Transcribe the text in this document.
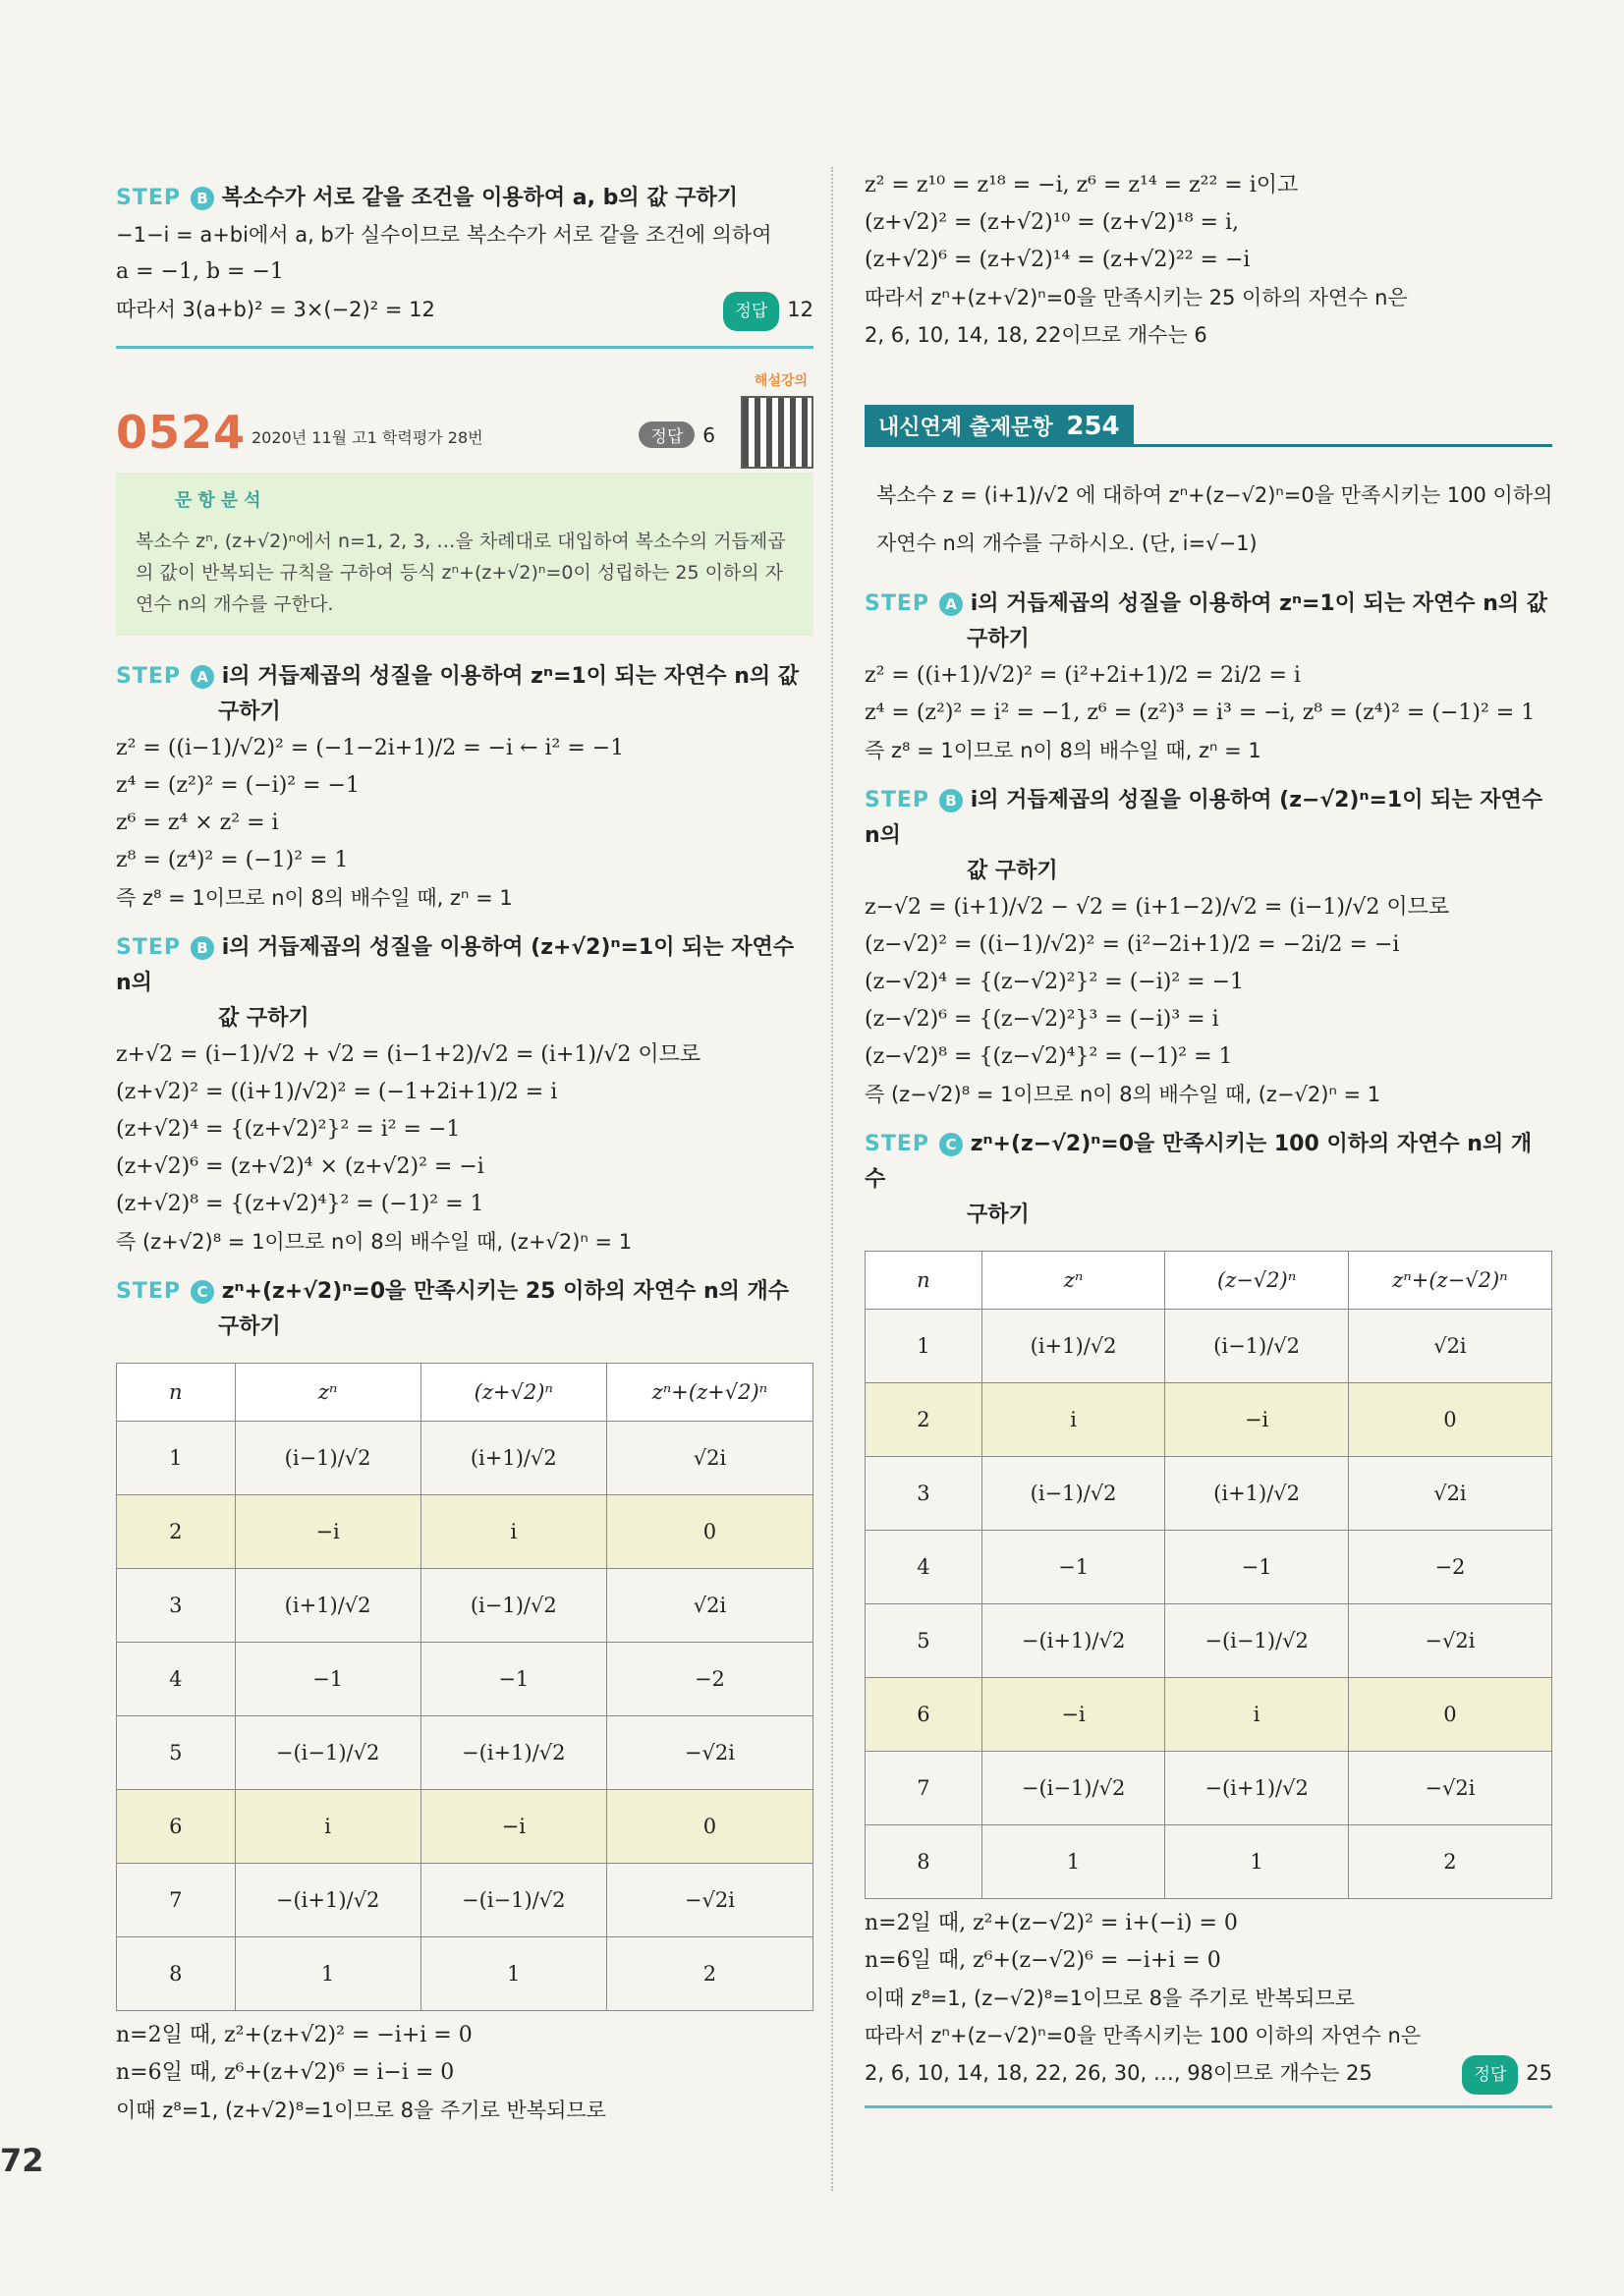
STEP B 복소수가 서로 같을 조건을 이용하여 a, b의 값 구하기
−1−i = a+bi에서 a, b가 실수이므로 복소수가 서로 같을 조건에 의하여
a = −1, b = −1
따라서 3(a+b)² = 3×(−2)² = 12	정답 12
0524 2020년 11월 고1 학력평가 28번	정답 6
해설강의
문항분석
복소수 zⁿ, (z+√2)ⁿ에서 n=1, 2, 3, …을 차례대로 대입하여 복소수의 거듭제곱의 값이 반복되는 규칙을 구하여 등식 zⁿ+(z+√2)ⁿ=0이 성립하는 25 이하의 자연수 n의 개수를 구한다.
STEP A i의 거듭제곱의 성질을 이용하여 zⁿ=1이 되는 자연수 n의 값
구하기
z² = ((i−1)/√2)² = (−1−2i+1)/2 = −i ← i² = −1
z⁴ = (z²)² = (−i)² = −1
z⁶ = z⁴ × z² = i
z⁸ = (z⁴)² = (−1)² = 1
즉 z⁸ = 1이므로 n이 8의 배수일 때, zⁿ = 1
STEP B i의 거듭제곱의 성질을 이용하여 (z+√2)ⁿ=1이 되는 자연수 n의
값 구하기
z+√2 = (i−1)/√2 + √2 = (i−1+2)/√2 = (i+1)/√2 이므로
(z+√2)² = ((i+1)/√2)² = (−1+2i+1)/2 = i
(z+√2)⁴ = {(z+√2)²}² = i² = −1
(z+√2)⁶ = (z+√2)⁴ × (z+√2)² = −i
(z+√2)⁸ = {(z+√2)⁴}² = (−1)² = 1
즉 (z+√2)⁸ = 1이므로 n이 8의 배수일 때, (z+√2)ⁿ = 1
STEP C zⁿ+(z+√2)ⁿ=0을 만족시키는 25 이하의 자연수 n의 개수
구하기
n	zⁿ	(z+√2)ⁿ	zⁿ+(z+√2)ⁿ
1	(i−1)/√2	(i+1)/√2	√2i
2	−i	i	0
3	(i+1)/√2	(i−1)/√2	√2i
4	−1	−1	−2
5	−(i−1)/√2	−(i+1)/√2	−√2i
6	i	−i	0
7	−(i+1)/√2	−(i−1)/√2	−√2i
8	1	1	2
n=2일 때, z²+(z+√2)² = −i+i = 0
n=6일 때, z⁶+(z+√2)⁶ = i−i = 0
이때 z⁸=1, (z+√2)⁸=1이므로 8을 주기로 반복되므로
z² = z¹⁰ = z¹⁸ = −i, z⁶ = z¹⁴ = z²² = i이고
(z+√2)² = (z+√2)¹⁰ = (z+√2)¹⁸ = i,
(z+√2)⁶ = (z+√2)¹⁴ = (z+√2)²² = −i
따라서 zⁿ+(z+√2)ⁿ=0을 만족시키는 25 이하의 자연수 n은
2, 6, 10, 14, 18, 22이므로 개수는 6
내신연계 출제문항 254
복소수 z = (i+1)/√2 에 대하여 zⁿ+(z−√2)ⁿ=0을 만족시키는 100 이하의
자연수 n의 개수를 구하시오. (단, i=√−1)
STEP A i의 거듭제곱의 성질을 이용하여 zⁿ=1이 되는 자연수 n의 값
구하기
z² = ((i+1)/√2)² = (i²+2i+1)/2 = 2i/2 = i
z⁴ = (z²)² = i² = −1, z⁶ = (z²)³ = i³ = −i, z⁸ = (z⁴)² = (−1)² = 1
즉 z⁸ = 1이므로 n이 8의 배수일 때, zⁿ = 1
STEP B i의 거듭제곱의 성질을 이용하여 (z−√2)ⁿ=1이 되는 자연수 n의
값 구하기
z−√2 = (i+1)/√2 − √2 = (i+1−2)/√2 = (i−1)/√2 이므로
(z−√2)² = ((i−1)/√2)² = (i²−2i+1)/2 = −2i/2 = −i
(z−√2)⁴ = {(z−√2)²}² = (−i)² = −1
(z−√2)⁶ = {(z−√2)²}³ = (−i)³ = i
(z−√2)⁸ = {(z−√2)⁴}² = (−1)² = 1
즉 (z−√2)⁸ = 1이므로 n이 8의 배수일 때, (z−√2)ⁿ = 1
STEP C zⁿ+(z−√2)ⁿ=0을 만족시키는 100 이하의 자연수 n의 개수
구하기
n	zⁿ	(z−√2)ⁿ	zⁿ+(z−√2)ⁿ
1	(i+1)/√2	(i−1)/√2	√2i
2	i	−i	0
3	(i−1)/√2	(i+1)/√2	√2i
4	−1	−1	−2
5	−(i+1)/√2	−(i−1)/√2	−√2i
6	−i	i	0
7	−(i−1)/√2	−(i+1)/√2	−√2i
8	1	1	2
n=2일 때, z²+(z−√2)² = i+(−i) = 0
n=6일 때, z⁶+(z−√2)⁶ = −i+i = 0
이때 z⁸=1, (z−√2)⁸=1이므로 8을 주기로 반복되므로
따라서 zⁿ+(z−√2)ⁿ=0을 만족시키는 100 이하의 자연수 n은
2, 6, 10, 14, 18, 22, 26, 30, …, 98이므로 개수는 25	정답 25
72
